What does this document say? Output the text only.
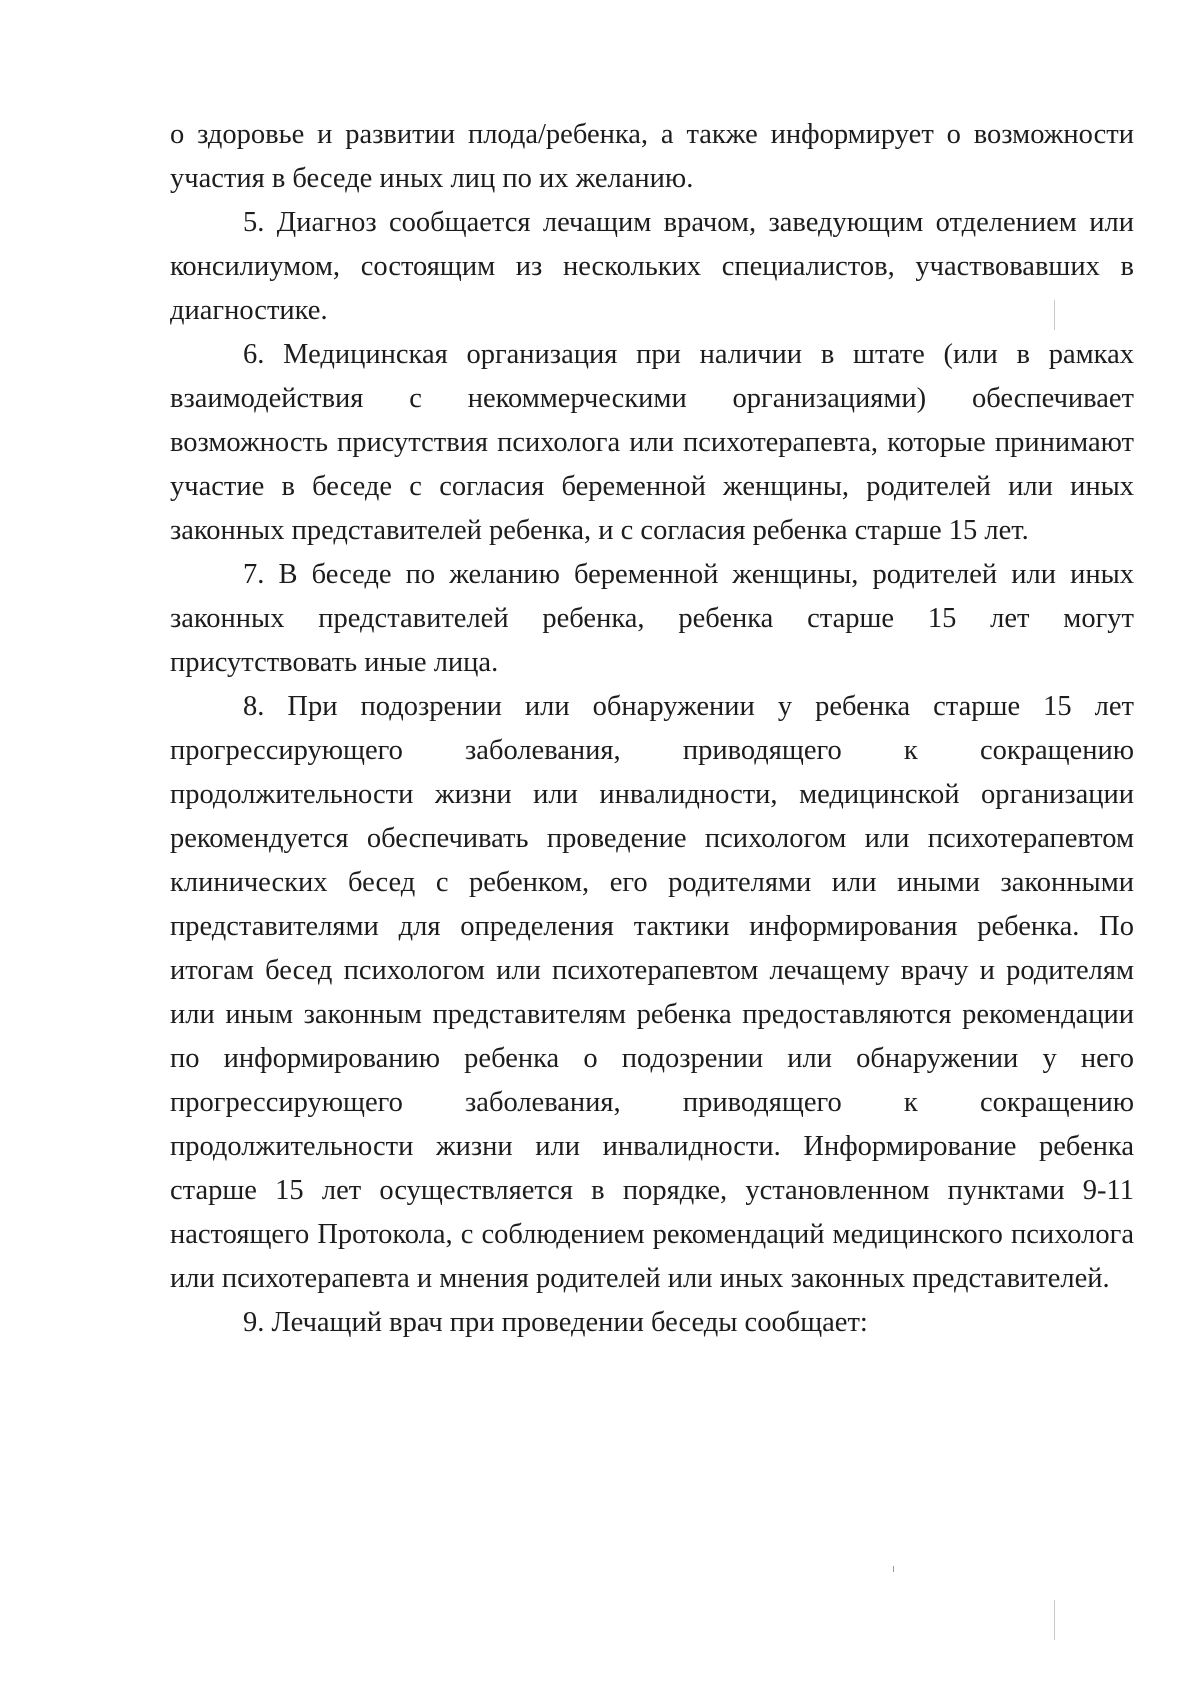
о здоровье и развитии плода/ребенка, а также информирует о возможности участия в беседе иных лиц по их желанию.

5. Диагноз сообщается лечащим врачом, заведующим отделением или консилиумом, состоящим из нескольких специалистов, участвовавших в диагностике.

6. Медицинская организация при наличии в штате (или в рамках взаимодействия с некоммерческими организациями) обеспечивает возможность присутствия психолога или психотерапевта, которые принимают участие в беседе с согласия беременной женщины, родителей или иных законных представителей ребенка, и с согласия ребенка старше 15 лет.

7. В беседе по желанию беременной женщины, родителей или иных законных представителей ребенка, ребенка старше 15 лет могут присутствовать иные лица.

8. При подозрении или обнаружении у ребенка старше 15 лет прогрессирующего заболевания, приводящего к сокращению продолжительности жизни или инвалидности, медицинской организации рекомендуется обеспечивать проведение психологом или психотерапевтом клинических бесед с ребенком, его родителями или иными законными представителями для определения тактики информирования ребенка. По итогам бесед психологом или психотерапевтом лечащему врачу и родителям или иным законным представителям ребенка предоставляются рекомендации по информированию ребенка о подозрении или обнаружении у него прогрессирующего заболевания, приводящего к сокращению продолжительности жизни или инвалидности. Информирование ребенка старше 15 лет осуществляется в порядке, установленном пунктами 9-11 настоящего Протокола, с соблюдением рекомендаций медицинского психолога или психотерапевта и мнения родителей или иных законных представителей.

9. Лечащий врач при проведении беседы сообщает:
